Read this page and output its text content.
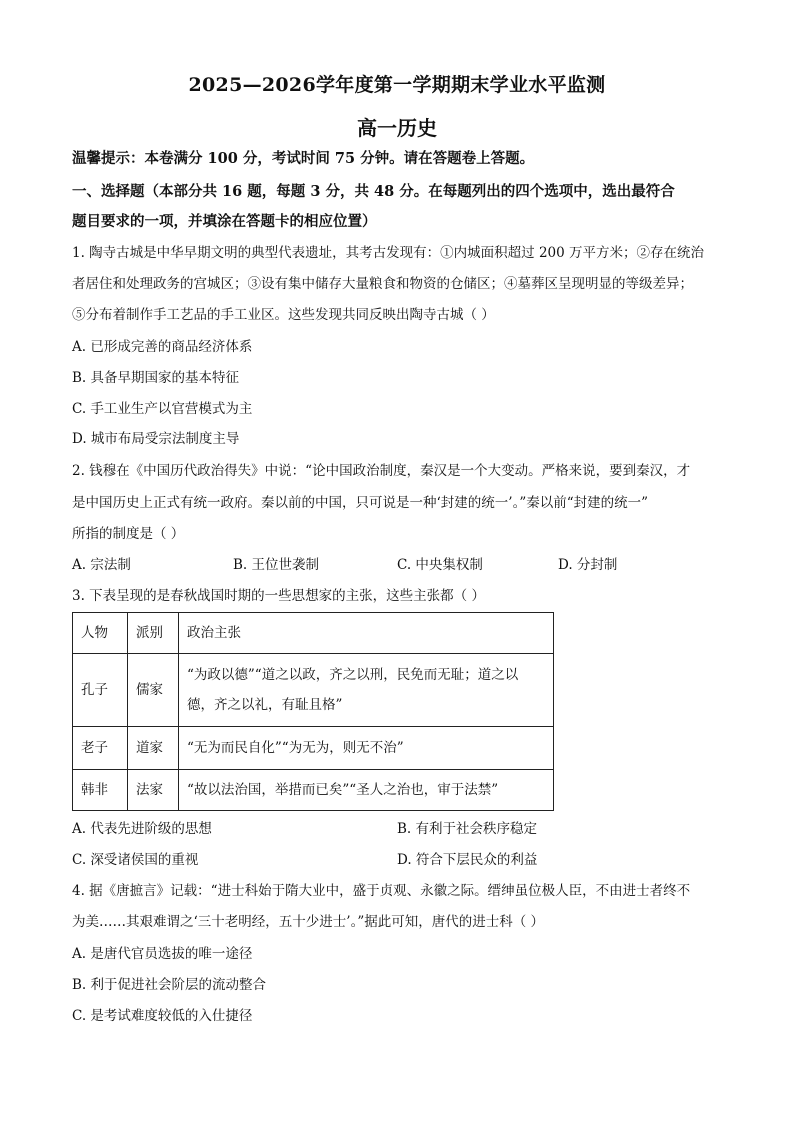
2025—2026学年度第一学期期末学业水平监测
高一历史
温馨提示：本卷满分 100 分，考试时间 75 分钟。请在答题卷上答题。
一、选择题（本部分共 16 题，每题 3 分，共 48 分。在每题列出的四个选项中，选出最符合
题目要求的一项，并填涂在答题卡的相应位置）
1. 陶寺古城是中华早期文明的典型代表遗址，其考古发现有：①内城面积超过 200 万平方米；②存在统治
者居住和处理政务的宫城区；③设有集中储存大量粮食和物资的仓储区；④墓葬区呈现明显的等级差异；
⑤分布着制作手工艺品的手工业区。这些发现共同反映出陶寺古城（ ）
A. 已形成完善的商品经济体系
B. 具备早期国家的基本特征
C. 手工业生产以官营模式为主
D. 城市布局受宗法制度主导
2. 钱穆在《中国历代政治得失》中说：“论中国政治制度，秦汉是一个大变动。严格来说，要到秦汉，才
是中国历史上正式有统一政府。秦以前的中国，只可说是一种‘封建的统一’。”秦以前“封建的统一”
所指的制度是（ ）
A. 宗法制	B. 王位世袭制	C. 中央集权制	D. 分封制
3. 下表呈现的是春秋战国时期的一些思想家的主张，这些主张都（ ）
人物	派别	政治主张
孔子	儒家	“为政以德”“道之以政，齐之以刑，民免而无耻；道之以
德，齐之以礼，有耻且格”

老子	道家	“无为而民自化”“为无为，则无不治”
韩非	法家	“故以法治国，举措而已矣”“圣人之治也，审于法禁”
A. 代表先进阶级的思想	B. 有利于社会秩序稳定
C. 深受诸侯国的重视	D. 符合下层民众的利益
4. 据《唐摭言》记载：“进士科始于隋大业中，盛于贞观、永徽之际。缙绅虽位极人臣，不由进士者终不
为美……其艰难谓之‘三十老明经，五十少进士’。”据此可知，唐代的进士科（ ）
A. 是唐代官员选拔的唯一途径
B. 利于促进社会阶层的流动整合
C. 是考试难度较低的入仕捷径
